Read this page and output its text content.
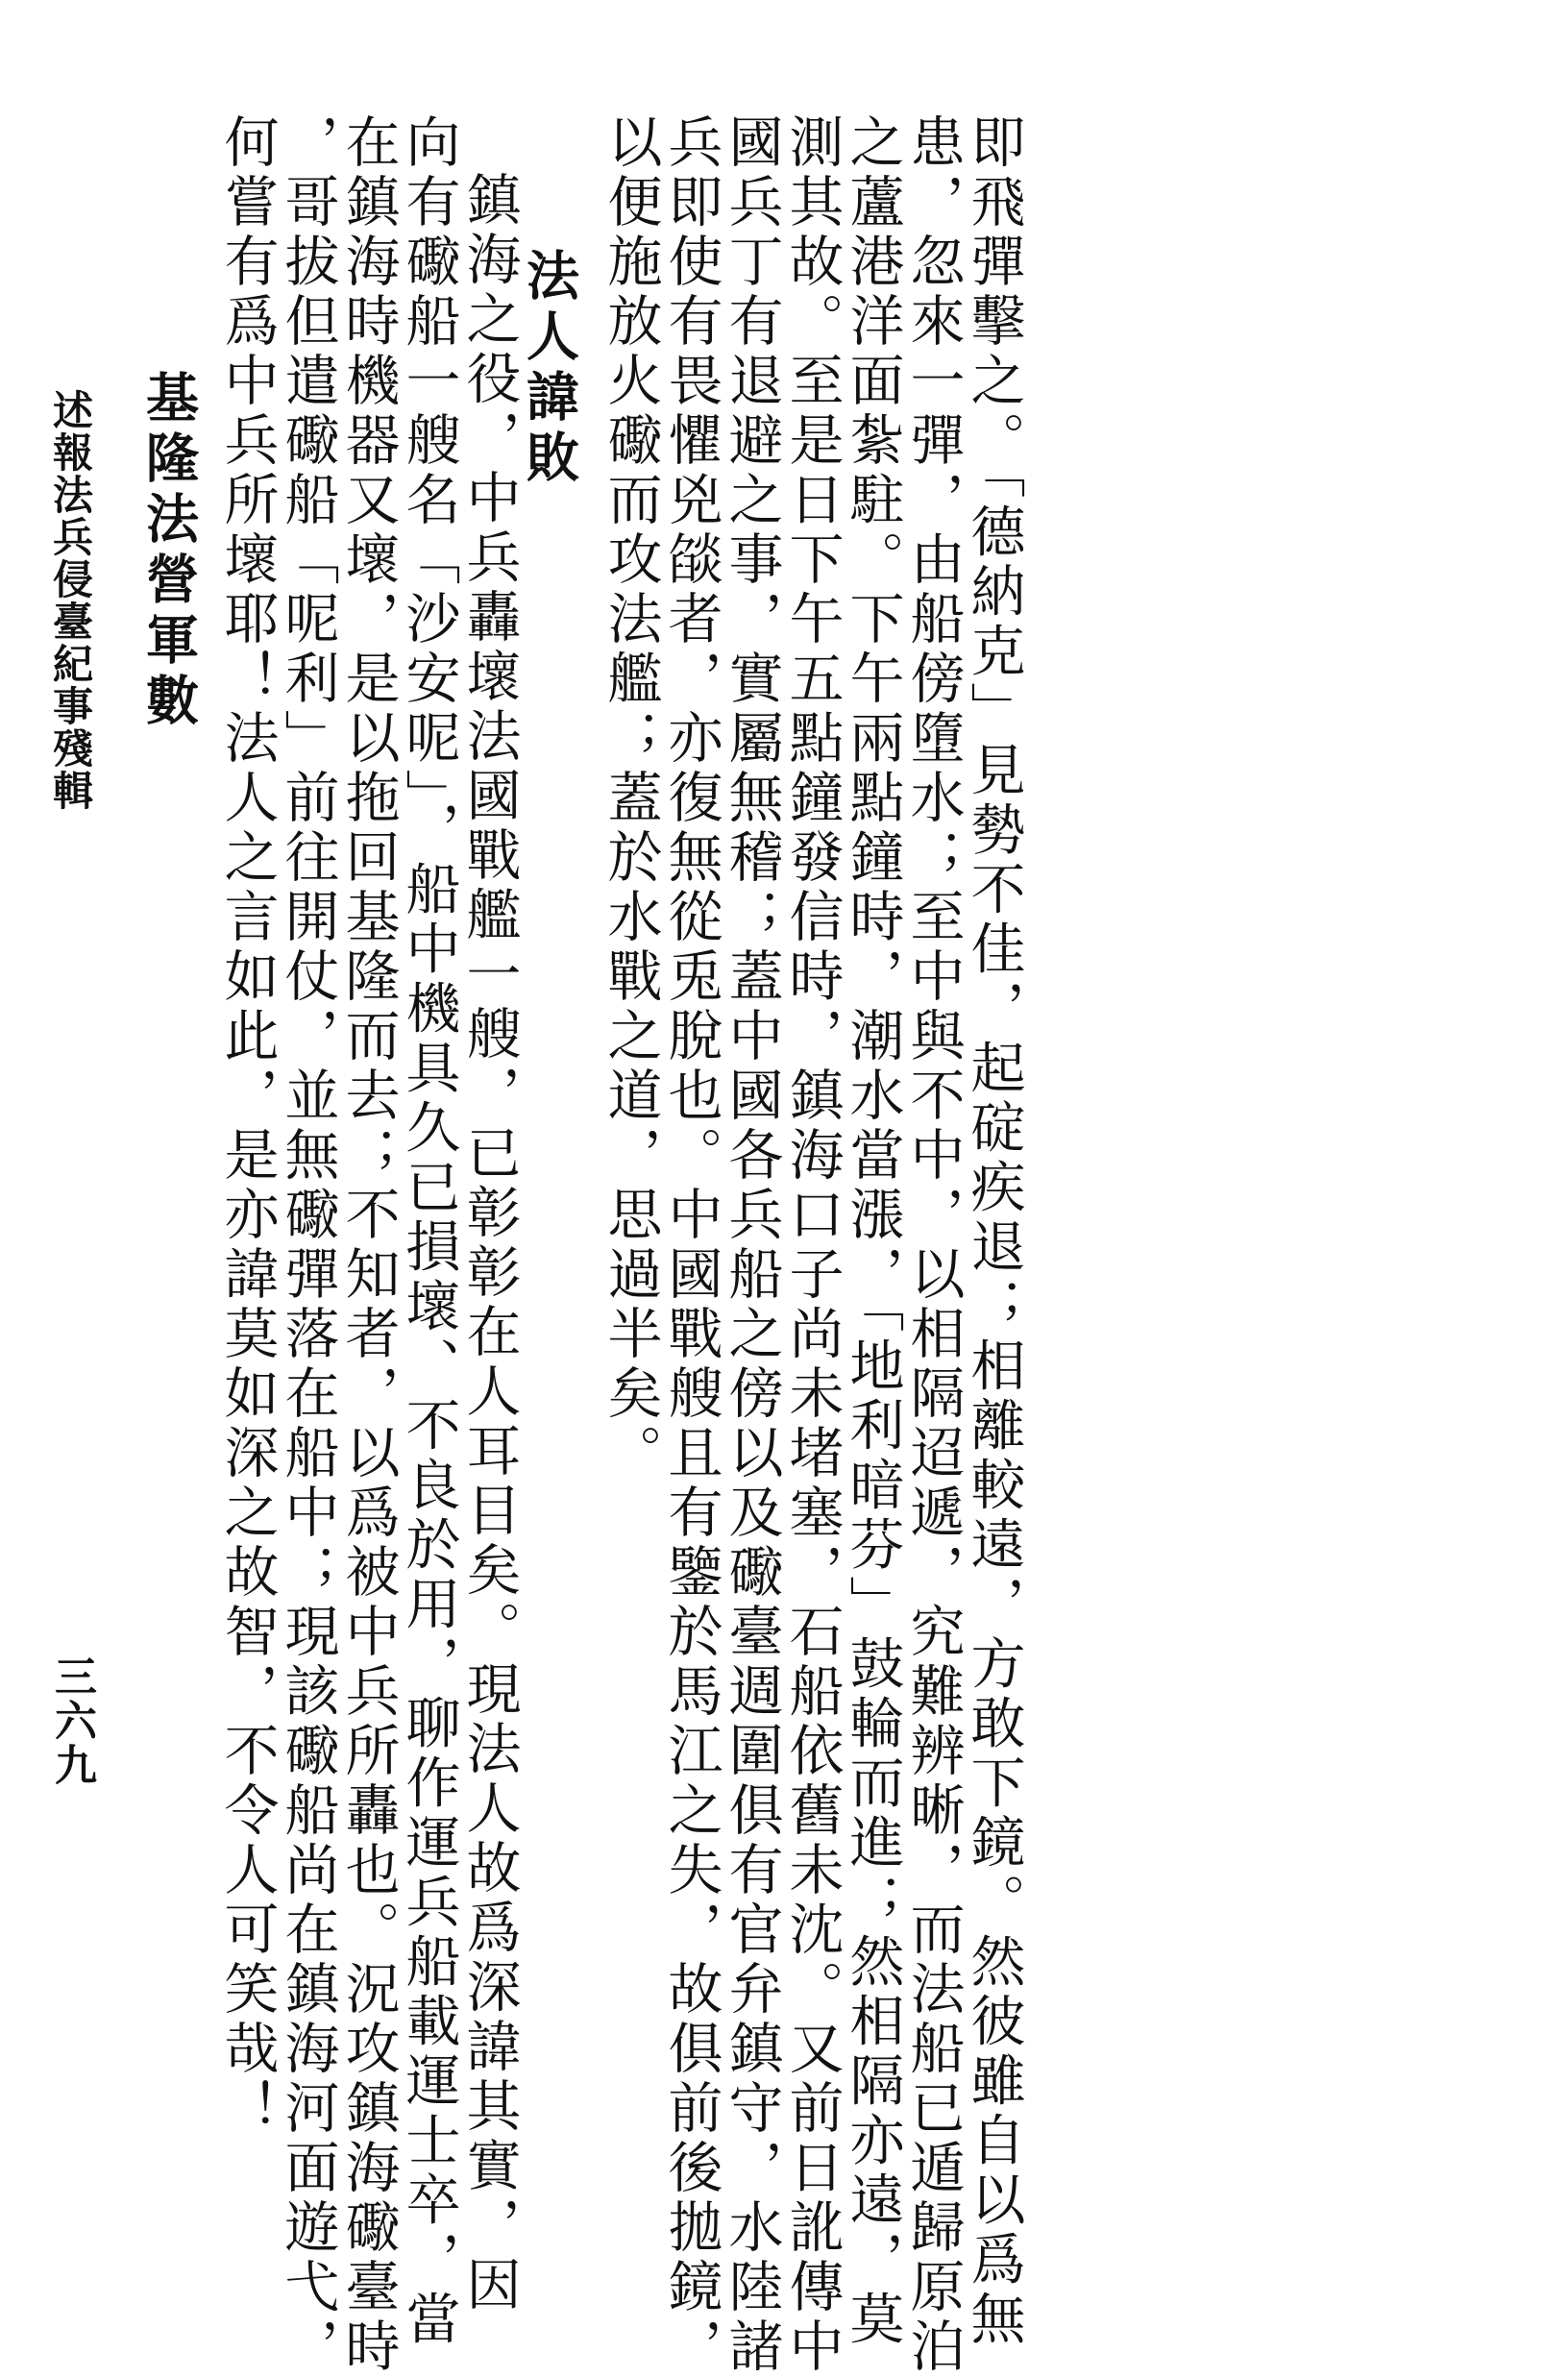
即飛彈擊之。「德納克」見勢不佳，起碇疾退；相離較遠，方敢下鏡。然彼雖自以爲無
患，忽來一彈，由船傍墮水；至中與不中，以相隔迢遞，究難辨晰，而法船已遁歸原泊
之蘆港洋面紮駐。下午兩點鐘時，潮水當漲，「地利暗芬」鼓輪而進；然相隔亦遠，莫
測其故。至是日下午五點鐘發信時，鎮海口子尚未堵塞，石船依舊未沈。又前日訛傳中
國兵丁有退避之事，實屬無稽；蓋中國各兵船之傍以及礮臺週圍俱有官弁鎮守，水陸諸
兵即使有畏懼兇燄者，亦復無從兎脫也。中國戰艘且有鑒於馬江之失，故俱前後拋鏡，
以便施放火礮而攻法艦；蓋於水戰之道，思過半矣。
法人諱敗
鎮海之役，中兵轟壞法國戰艦一艘，已彰彰在人耳目矣。現法人故爲深諱其實，因
向有礮船一艘名「沙安呢」，船中機具久已損壞、不良於用，聊作運兵船載運士卒，當
在鎮海時機器又壞，是以拖回基隆而去；不知者，以爲被中兵所轟也。況攻鎮海礮臺時
，哥拔但遣礮船「呢利」前往開仗，並無礮彈落在船中；現該礮船尚在鎮海河面遊弋，
何嘗有爲中兵所壞耶！法人之言如此，是亦諱莫如深之故智，不令人可笑哉！
基隆法營軍數
述報法兵侵臺紀事殘輯
三六九
